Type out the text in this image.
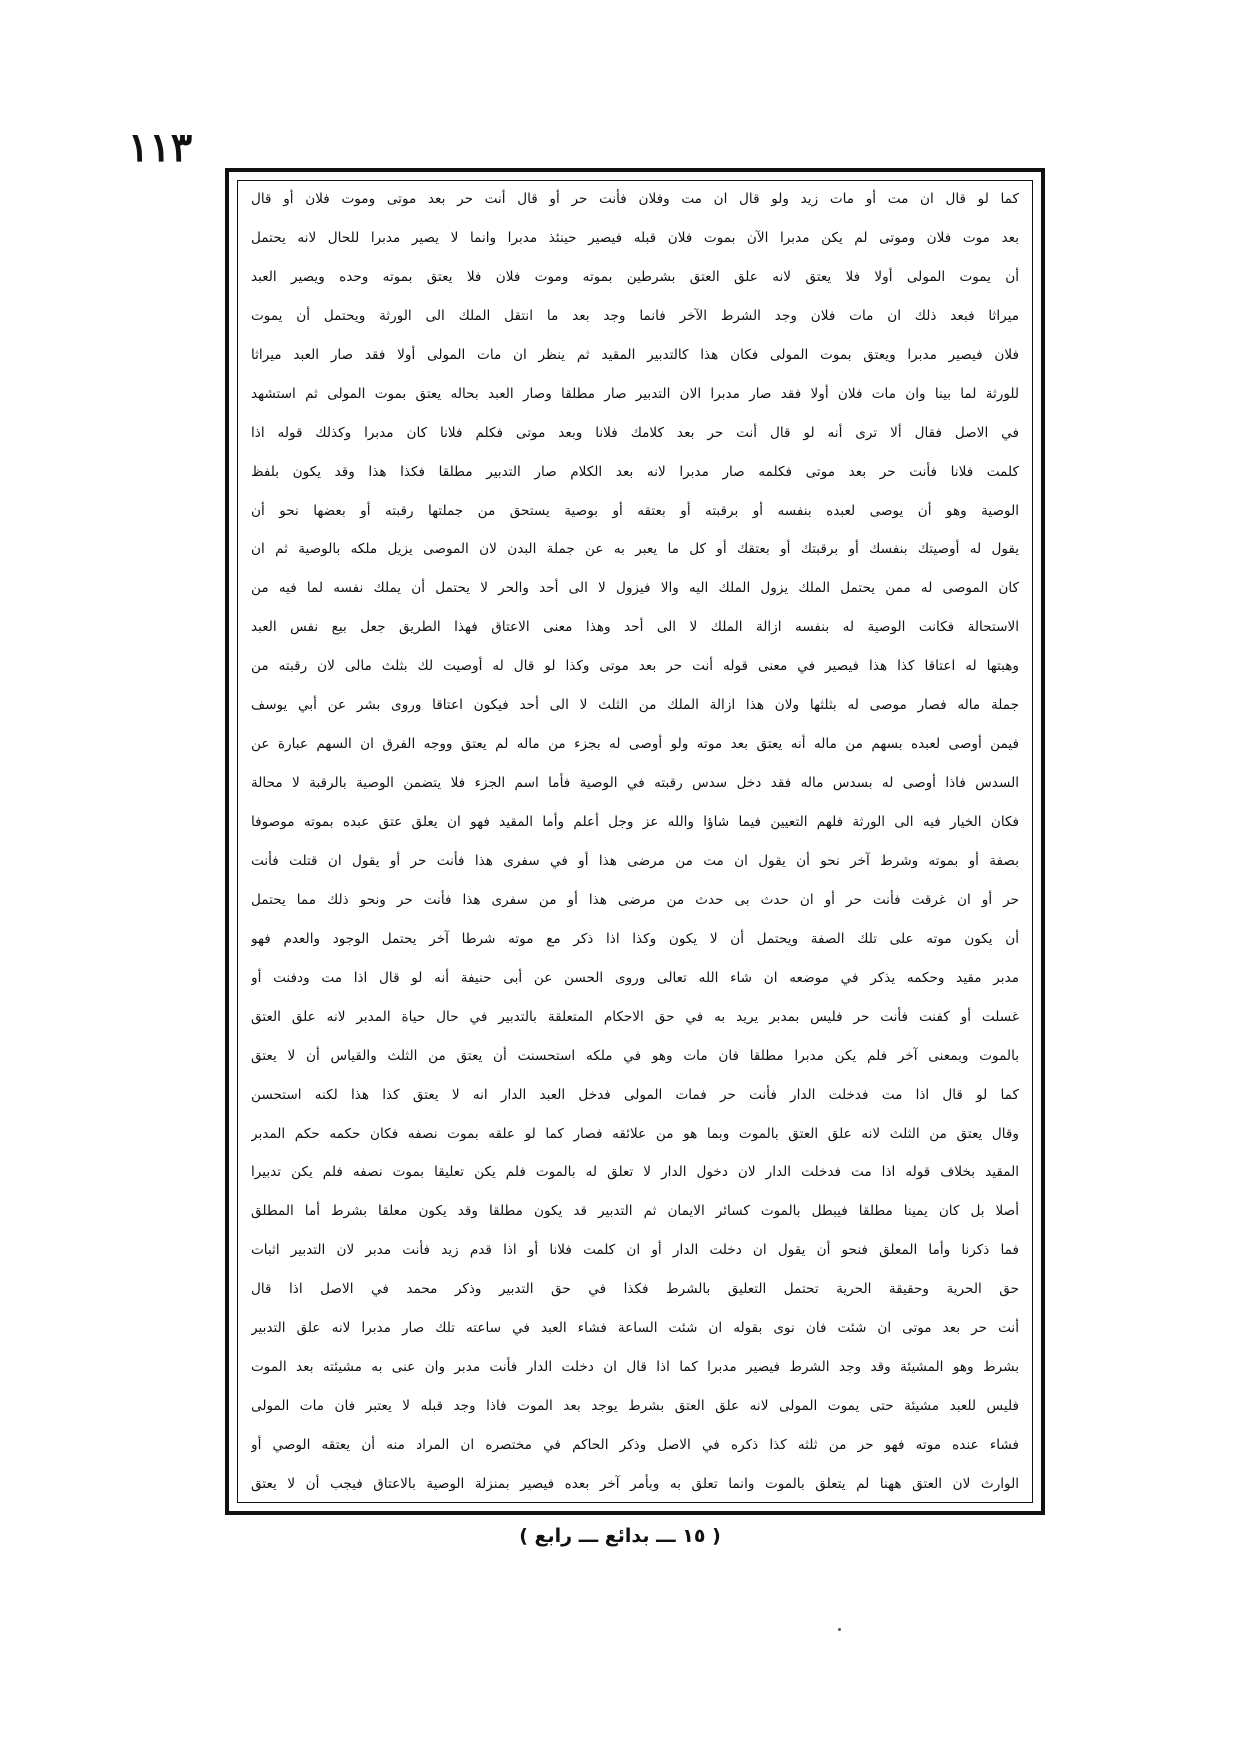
١١٣
كما لو قال ان مت أو مات زيد ولو قال ان مت وفلان فأنت حر أو قال أنت حر بعد موتى وموت فلان أو قال
بعد موت فلان وموتى لم يكن مدبرا الآن بموت فلان قبله فيصير حينئذ مدبرا وانما لا يصير مدبرا للحال لانه يحتمل
أن يموت المولى أولا فلا يعتق لانه علق العتق بشرطين بموته وموت فلان فلا يعتق بموته وحده ويصير العبد
ميراثا فبعد ذلك ان مات فلان وجد الشرط الآخر فانما وجد بعد ما انتقل الملك الى الورثة ويحتمل أن يموت
فلان فيصير مدبرا ويعتق بموت المولى فكان هذا كالتدبير المقيد ثم ينظر ان مات المولى أولا فقد صار العبد ميراثا
للورثة لما بينا وان مات فلان أولا فقد صار مدبرا الان التدبير صار مطلقا وصار العبد بحاله يعتق بموت المولى ثم استشهد
في الاصل فقال ألا ترى أنه لو قال أنت حر بعد كلامك فلانا وبعد موتى فكلم فلانا كان مدبرا وكذلك قوله اذا
كلمت فلانا فأنت حر بعد موتى فكلمه صار مدبرا لانه بعد الكلام صار التدبير مطلقا فكذا هذا وقد يكون بلفظ
الوصية وهو أن يوصى لعبده بنفسه أو برقبته أو بعتقه أو بوصية يستحق من جملتها رقبته أو بعضها نحو أن
يقول له أوصيتك بنفسك أو برقبتك أو بعتقك أو كل ما يعبر به عن جملة البدن لان الموصى يزيل ملكه بالوصية ثم ان
كان الموصى له ممن يحتمل الملك يزول الملك اليه والا فيزول لا الى أحد والحر لا يحتمل أن يملك نفسه لما فيه من
الاستحالة فكانت الوصية له بنفسه ازالة الملك لا الى أحد وهذا معنى الاعتاق فهذا الطريق جعل بيع نفس العبد
وهبتها له اعتاقا كذا هذا فيصير في معنى قوله أنت حر بعد موتى وكذا لو قال له أوصيت لك بثلث مالى لان رقبته من
جملة ماله فصار موصى له بثلثها ولان هذا ازالة الملك من الثلث لا الى أحد فيكون اعتاقا وروى بشر عن أبي يوسف
فيمن أوصى لعبده بسهم من ماله أنه يعتق بعد موته ولو أوصى له بجزء من ماله لم يعتق ووجه الفرق ان السهم عبارة عن
السدس فاذا أوصى له بسدس ماله فقد دخل سدس رقبته في الوصية فأما اسم الجزء فلا يتضمن الوصية بالرقبة لا محالة
فكان الخيار فيه الى الورثة فلهم التعيين فيما شاؤا والله عز وجل أعلم وأما المقيد فهو ان يعلق عتق عبده بموته موصوفا
بصفة أو بموته وشرط آخر نحو أن يقول ان مت من مرضى هذا أو في سفرى هذا فأنت حر أو يقول ان قتلت فأنت
حر أو ان غرقت فأنت حر أو ان حدث بى حدث من مرضى هذا أو من سفرى هذا فأنت حر ونحو ذلك مما يحتمل
أن يكون موته على تلك الصفة ويحتمل أن لا يكون وكذا اذا ذكر مع موته شرطا آخر يحتمل الوجود والعدم فهو
مدبر مقيد وحكمه يذكر في موضعه ان شاء الله تعالى وروى الحسن عن أبى حنيفة أنه لو قال اذا مت ودفنت أو
غسلت أو كفنت فأنت حر فليس بمدبر يريد به في حق الاحكام المتعلقة بالتدبير في حال حياة المدبر لانه علق العتق
بالموت وبمعنى آخر فلم يكن مدبرا مطلقا فان مات وهو في ملكه استحسنت أن يعتق من الثلث والقياس أن لا يعتق
كما لو قال اذا مت فدخلت الدار فأنت حر فمات المولى فدخل العبد الدار انه لا يعتق كذا هذا لكنه استحسن
وقال يعتق من الثلث لانه علق العتق بالموت وبما هو من علائقه فصار كما لو علقه بموت نصفه فكان حكمه حكم المدبر
المقيد بخلاف قوله اذا مت فدخلت الدار لان دخول الدار لا تعلق له بالموت فلم يكن تعليقا بموت نصفه فلم يكن تدبيرا
أصلا بل كان يمينا مطلقا فيبطل بالموت كسائر الايمان ثم التدبير قد يكون مطلقا وقد يكون معلقا بشرط أما المطلق
فما ذكرنا وأما المعلق فنحو أن يقول ان دخلت الدار أو ان كلمت فلانا أو اذا قدم زيد فأنت مدبر لان التدبير اثبات
حق الحرية وحقيقة الحرية تحتمل التعليق بالشرط فكذا في حق التدبير وذكر محمد في الاصل اذا قال
أنت حر بعد موتى ان شئت فان نوى بقوله ان شئت الساعة فشاء العبد في ساعته تلك صار مدبرا لانه علق التدبير
بشرط وهو المشيئة وقد وجد الشرط فيصير مدبرا كما اذا قال ان دخلت الدار فأنت مدبر وان عنى به مشيئته بعد الموت
فليس للعبد مشيئة حتى يموت المولى لانه علق العتق بشرط يوجد بعد الموت فاذا وجد قبله لا يعتبر فان مات المولى
فشاء عنده موته فهو حر من ثلثه كذا ذكره في الاصل وذكر الحاكم في مختصره ان المراد منه أن يعتقه الوصي أو
الوارث لان العتق ههنا لم يتعلق بالموت وانما تعلق به وبأمر آخر بعده فيصير بمنزلة الوصية بالاعتاق فيجب أن لا يعتق
( ١٥ ـــ بدائع ـــ رابع )
